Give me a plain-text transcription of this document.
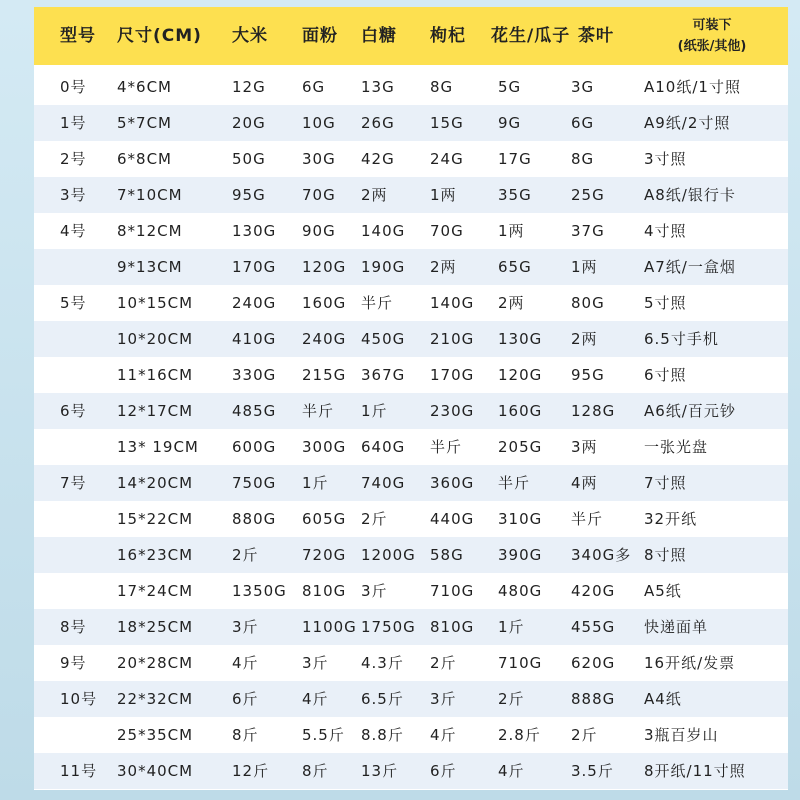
型号 尺寸(CM) 大米 面粉 白糖 枸杞 花生/瓜子 茶叶
可装下
(纸张/其他)
0号 4*6CM	12G 6G 13G 8G	5G	3G	A10纸/1寸照
1号 5*7CM	20G 10G 26G 15G 9G	6G	A9纸/2寸照
2号 6*8CM	50G 30G 42G 24G 17G	8G	3寸照
3号 7*10CM	95G 70G 2两	1两	35G	25G	A8纸/银行卡
4号 8*12CM	130G 90G 140G 70G 1两	37G	4寸照
9*13CM	170G 120G 190G 2两	65G	1两	A7纸/一盒烟
5号 10*15CM	240G 160G 半斤 140G 2两	80G	5寸照
10*20CM	410G 240G 450G 210G 130G 2两	6.5寸手机
11*16CM	330G 215G 367G 170G 120G 95G	6寸照
6号 12*17CM	485G 半斤 1斤	230G 160G 128G A6纸/百元钞
13* 19CM 600G 300G 640G 半斤 205G 3两	一张光盘
7号 14*20CM	750G 1斤 740G 360G 半斤	4两	7寸照
15*22CM	880G 605G 2斤	440G 310G 半斤	32开纸
16*23CM	2斤	720G 1200G 58G 390G 340G多 8寸照
17*24CM	1350G 810G 3斤	710G 480G 420G A5纸
8号 18*25CM	3斤	1100G 1750G 810G 1斤	455G 快递面单
9号 20*28CM	4斤	3斤 4.3斤 2斤	710G 620G 16开纸/发票
10号 22*32CM	6斤	4斤 6.5斤 3斤	2斤	888G A4纸
25*35CM	8斤	5.5斤 8.8斤 4斤	2.8斤 2斤	3瓶百岁山
11号 30*40CM	12斤 8斤 13斤 6斤	4斤	3.5斤 8开纸/11寸照
